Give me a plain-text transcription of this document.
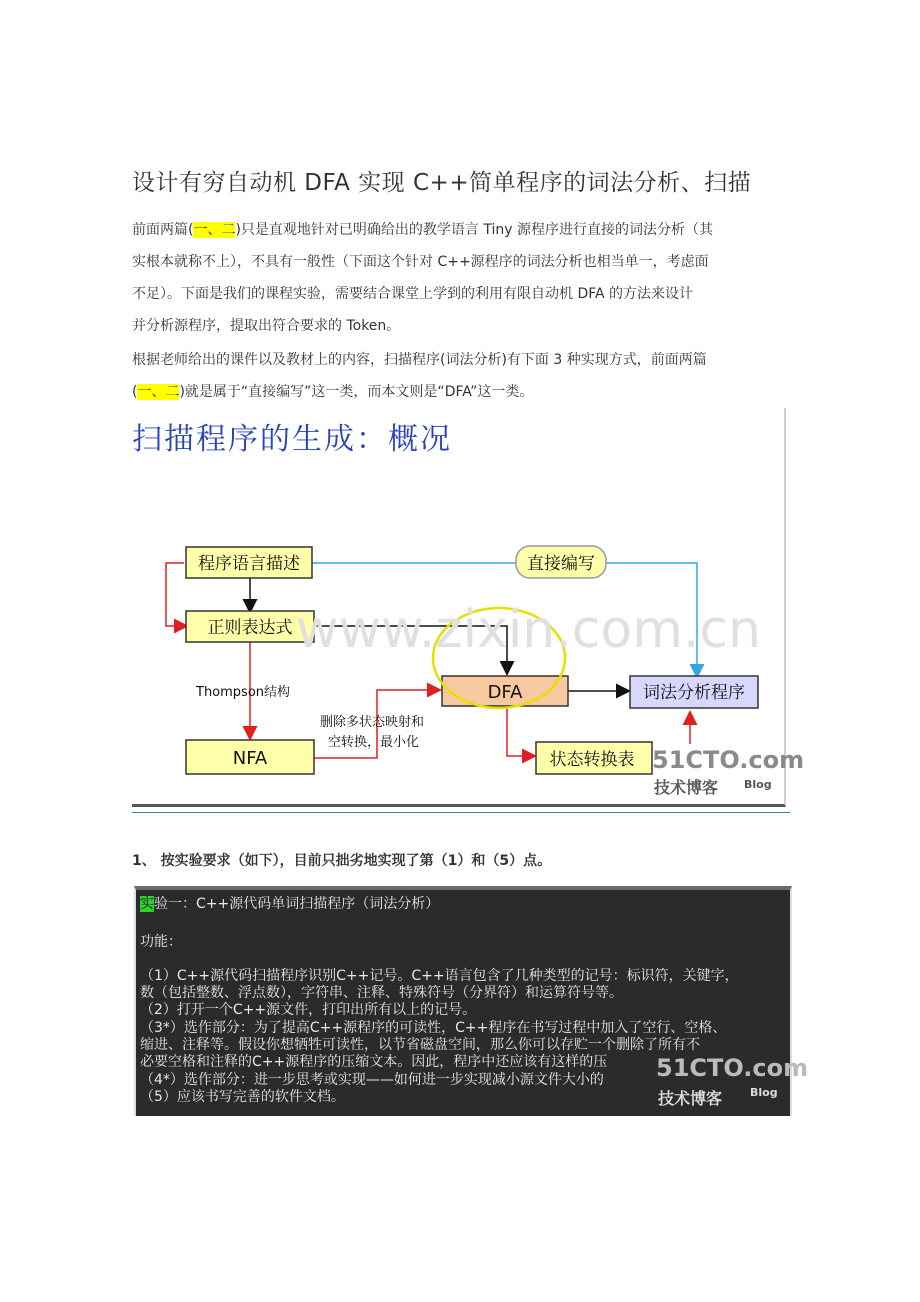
设计有穷自动机 DFA 实现 C++简单程序的词法分析、扫描
前面两篇(一、二)只是直观地针对已明确给出的教学语言 Tiny 源程序进行直接的词法分析（其
实根本就称不上），不具有一般性（下面这个针对 C++源程序的词法分析也相当单一，考虑面
不足）。下面是我们的课程实验，需要结合课堂上学到的利用有限自动机 DFA 的方法来设计
并分析源程序，提取出符合要求的 Token。
根据老师给出的课件以及教材上的内容，扫描程序(词法分析)有下面 3 种实现方式，前面两篇
(一、二)就是属于“直接编写”这一类，而本文则是“DFA”这一类。
扫描程序的生成：概况
程序语言描述
正则表达式
NFA
DFA	词法分析程序
状态转换表
直接编写
Thompson结构
删除多状态映射和
空转换，最小化
51CTO.com
技术博客 Blog
www.zixin.com.cn
1、 按实验要求（如下），目前只拙劣地实现了第（1）和（5）点。
实验一：C++源代码单词扫描程序（词法分析）
功能：
（1）C++源代码扫描程序识别C++记号。C++语言包含了几种类型的记号：标识符，关键字，
数（包括整数、浮点数），字符串、注释、特殊符号（分界符）和运算符号等。
（2）打开一个C++源文件，打印出所有以上的记号。
（3*）选作部分：为了提高C++源程序的可读性，C++程序在书写过程中加入了空行、空格、
缩进、注释等。假设你想牺牲可读性，以节省磁盘空间，那么你可以存贮一个删除了所有不
必要空格和注释的C++源程序的压缩文本。因此，程序中还应该有这样的压
（4*）选作部分：进一步思考或实现——如何进一步实现减小源文件大小的
（5）应该书写完善的软件文档。
51CTO.com
技术博客	Blog
